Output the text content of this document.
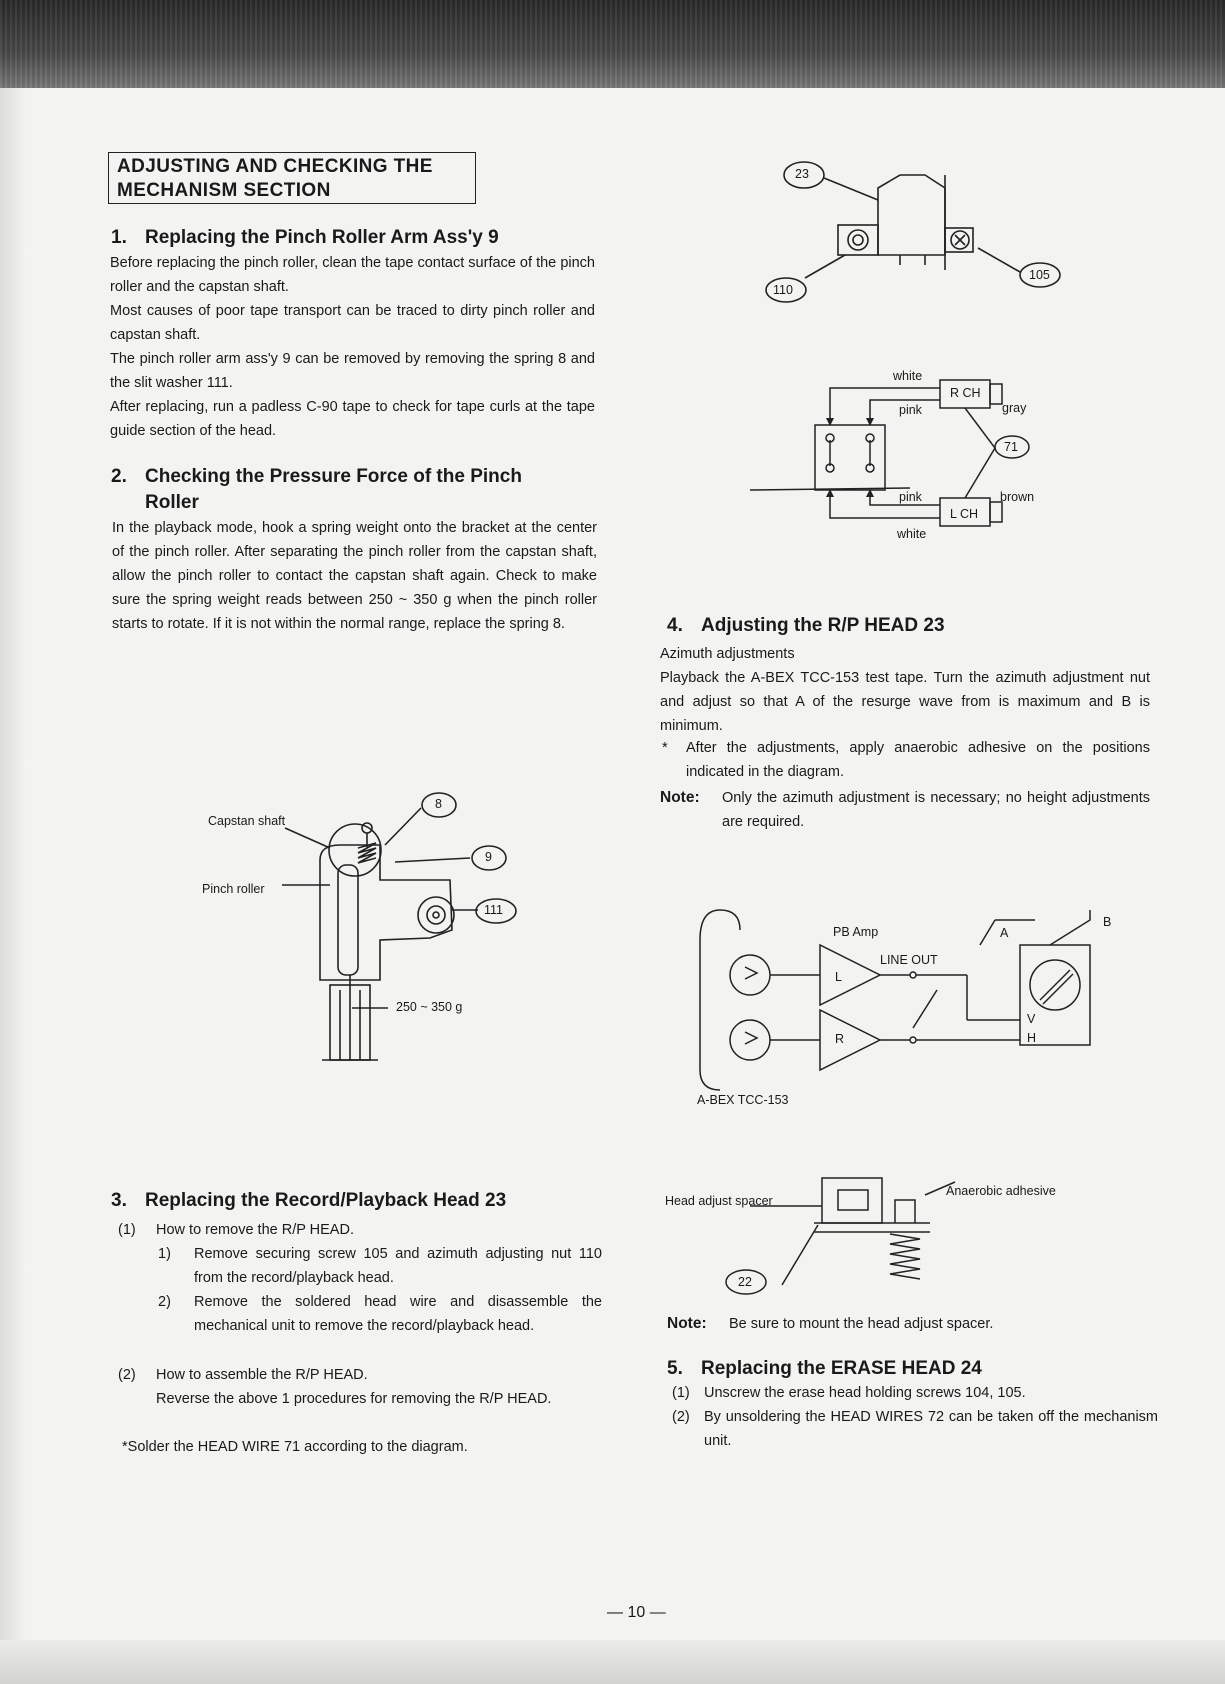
ADJUSTING AND CHECKING THE
MECHANISM SECTION
1. Replacing the Pinch Roller Arm Ass'y 9

Before replacing the pinch roller, clean the tape contact surface of the pinch roller and the capstan shaft.

Most causes of poor tape transport can be traced to dirty pinch roller and capstan shaft.

The pinch roller arm ass'y 9 can be removed by removing the spring 8 and the slit washer 111.

After replacing, run a padless C-90 tape to check for tape curls at the tape guide section of the head.

2. Checking the Pressure Force of the Pinch
Roller
In the playback mode, hook a spring weight onto the bracket at the center of the pinch roller. After separating the pinch roller from the capstan shaft, allow the pinch roller to contact the capstan shaft again. Check to make sure the spring weight reads between 250 ~ 350 g when the pinch roller starts to rotate. If it is not within the normal range, replace the spring 8.
Capstan shaft
Pinch roller
250 ~ 350 g
8
9
111
3. Replacing the Record/Playback Head 23
(1) How to remove the R/P HEAD.
1) Remove securing screw 105 and azimuth adjusting nut 110 from the record/playback head.
2) Remove the soldered head wire and disassemble the mechanical unit to remove the record/playback head.
(2) How to assemble the R/P HEAD.
Reverse the above 1 procedures for removing the R/P HEAD.
*Solder the HEAD WIRE 71 according to the diagram.
23
110
105
white
pink
R CH
gray
71
pink	brown
L CH
white
4. Adjusting the R/P HEAD 23
Azimuth adjustments
Playback the A-BEX TCC-153 test tape. Turn the azimuth adjustment nut and adjust so that A of the resurge wave from is maximum and B is minimum.
* After the adjustments, apply anaerobic adhesive on the positions indicated in the diagram.
Note: Only the azimuth adjustment is necessary; no height adjustments are required.
PB Amp
LINE OUT
L
R
V
H
A
B
A-BEX TCC-153
Head adjust spacer
Anaerobic adhesive
22
Note: Be sure to mount the head adjust spacer.
5. Replacing the ERASE HEAD 24
(1) Unscrew the erase head holding screws 104, 105.
(2) By unsoldering the HEAD WIRES 72 can be taken off the mechanism unit.
— 10 —
